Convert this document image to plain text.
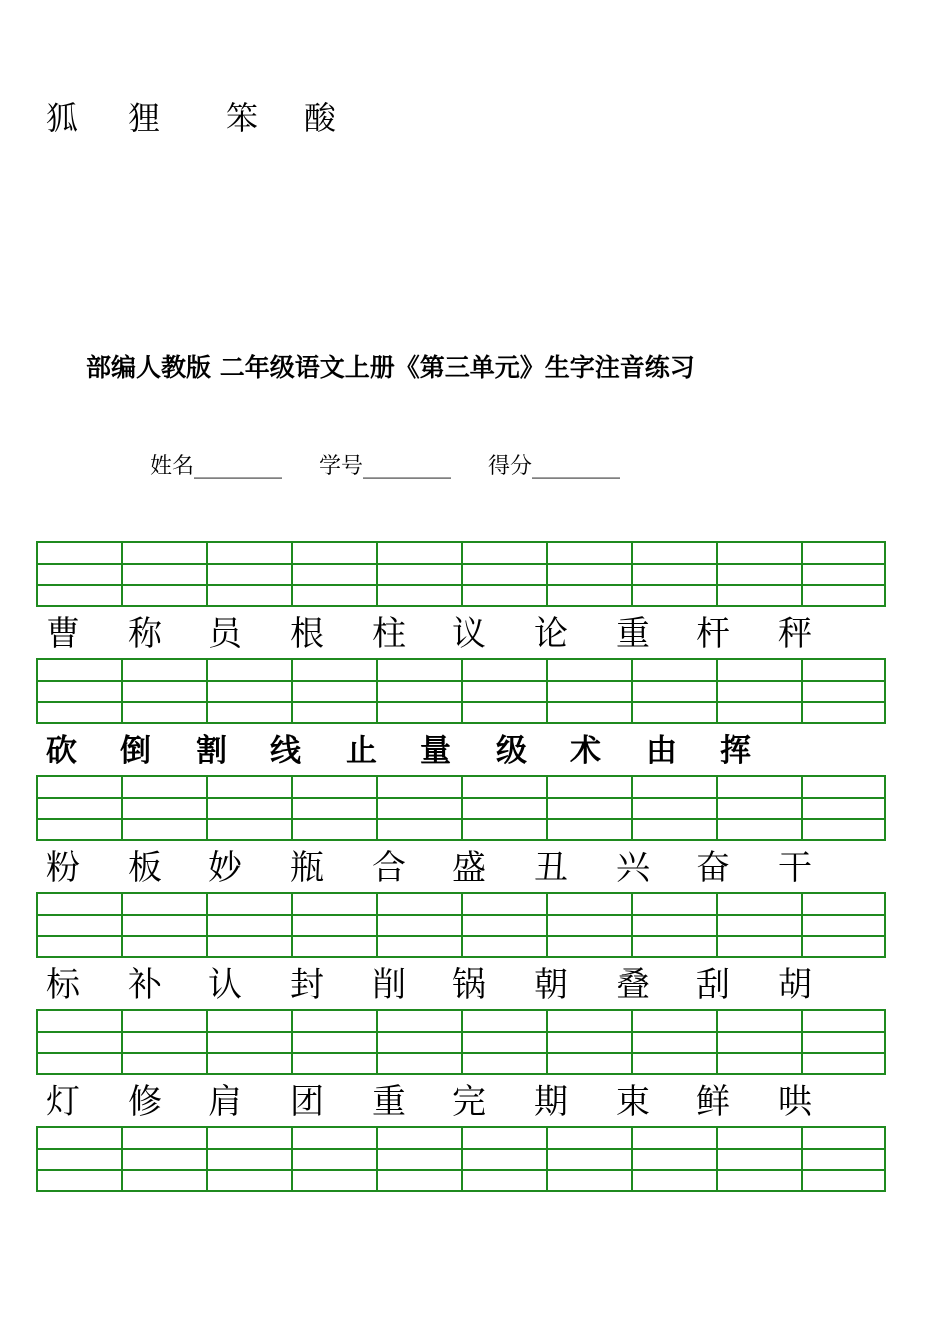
狐 狸 笨 酸
部编人教版 二年级语文上册《第三单元》生字注音练习
姓名________ 学号________ 得分________
曹	称	员	根	柱	议	论	重	杆	秤
砍	倒	割	线	止	量	级	术	由	挥
粉	板	妙	瓶	合	盛	丑	兴	奋	干
标	补	认	封	削	锅	朝	叠	刮	胡
灯	修	肩	团	重	完	期	束	鲜	哄
